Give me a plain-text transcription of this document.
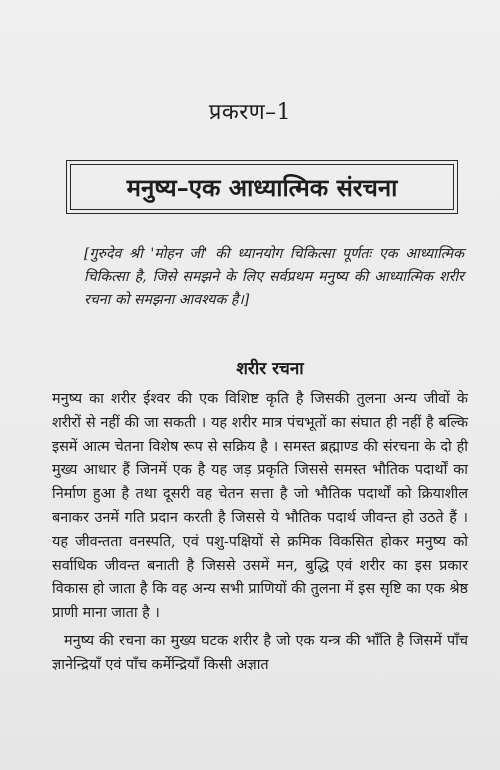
प्रकरण–1
मनुष्य–एक आध्यात्मिक संरचना

[गुरुदेव श्री 'मोहन जी' की ध्यानयोग चिकित्सा पूर्णतः एक आध्यात्मिक चिकित्सा है, जिसे समझने के लिए सर्वप्रथम मनुष्य की आध्यात्मिक शरीर रचना को समझना आवश्यक है।]

शरीर रचना

मनुष्य का शरीर ईश्वर की एक विशिष्ट कृति है जिसकी तुलना अन्य जीवों के शरीरों से नहीं की जा सकती । यह शरीर मात्र पंचभूतों का संघात ही नहीं है बल्कि इसमें आत्म चेतना विशेष रूप से सक्रिय है । समस्त ब्रह्माण्ड की संरचना के दो ही मुख्य आधार हैं जिनमें एक है यह जड़ प्रकृति जिससे समस्त भौतिक पदार्थों का निर्माण हुआ है तथा दूसरी वह चेतन सत्ता है जो भौतिक पदार्थों को क्रियाशील बनाकर उनमें गति प्रदान करती है जिससे ये भौतिक पदार्थ जीवन्त हो उठते हैं । यह जीवन्तता वनस्पति, एवं पशु-पक्षियों से क्रमिक विकसित होकर मनुष्य को सर्वाधिक जीवन्त बनाती है जिससे उसमें मन, बुद्धि एवं शरीर का इस प्रकार विकास हो जाता है कि वह अन्य सभी प्राणियों की तुलना में इस सृष्टि का एक श्रेष्ठ प्राणी माना जाता है ।

मनुष्य की रचना का मुख्य घटक शरीर है जो एक यन्त्र की भाँति है जिसमें पाँच ज्ञानेन्द्रियाँ एवं पाँच कर्मेन्द्रियाँ किसी अज्ञात
